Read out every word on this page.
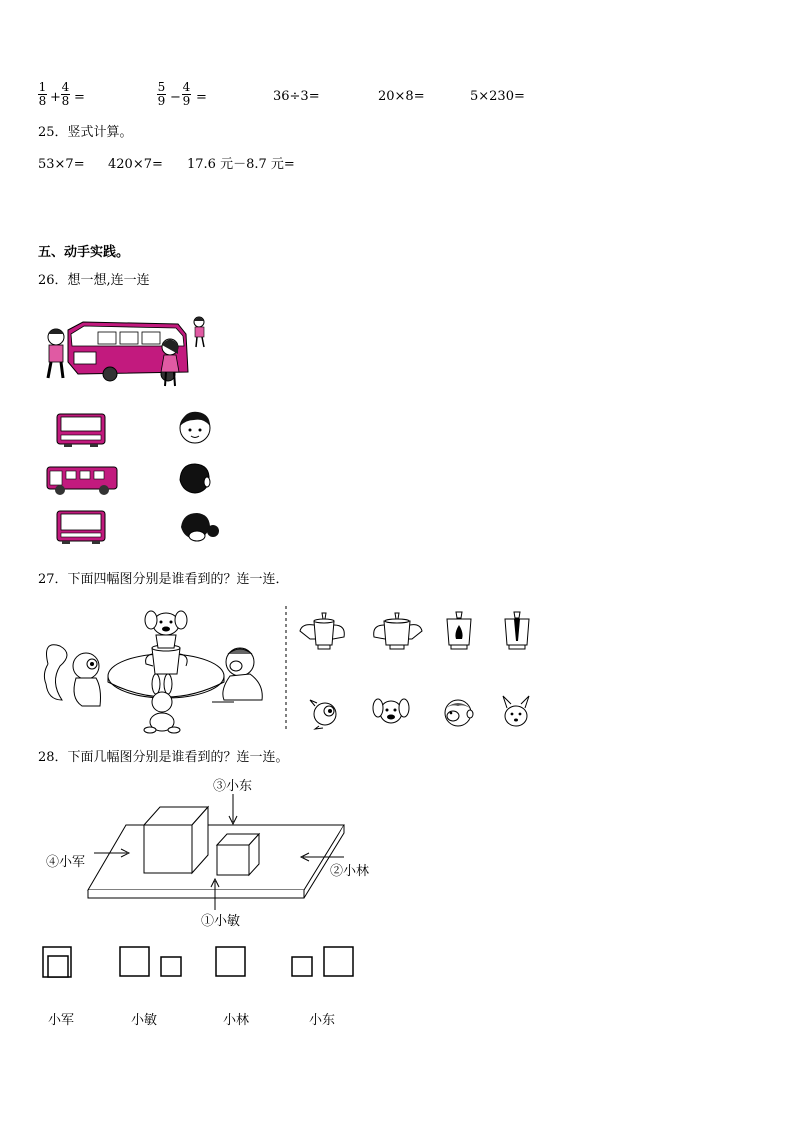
1
8 +
4
8 =
5
9 −
4
9 =	36÷3=	20×8=	5×230=
25．竖式计算。
53×7= 420×7= 17.6 元－8.7 元=
五、动手实践。
26．想一想,连一连
27．下面四幅图分别是谁看到的？连一连．
28．下面几幅图分别是谁看到的？连一连。
③小东
④小军
②小林
①小敏
小军	小敏	小林	小东
